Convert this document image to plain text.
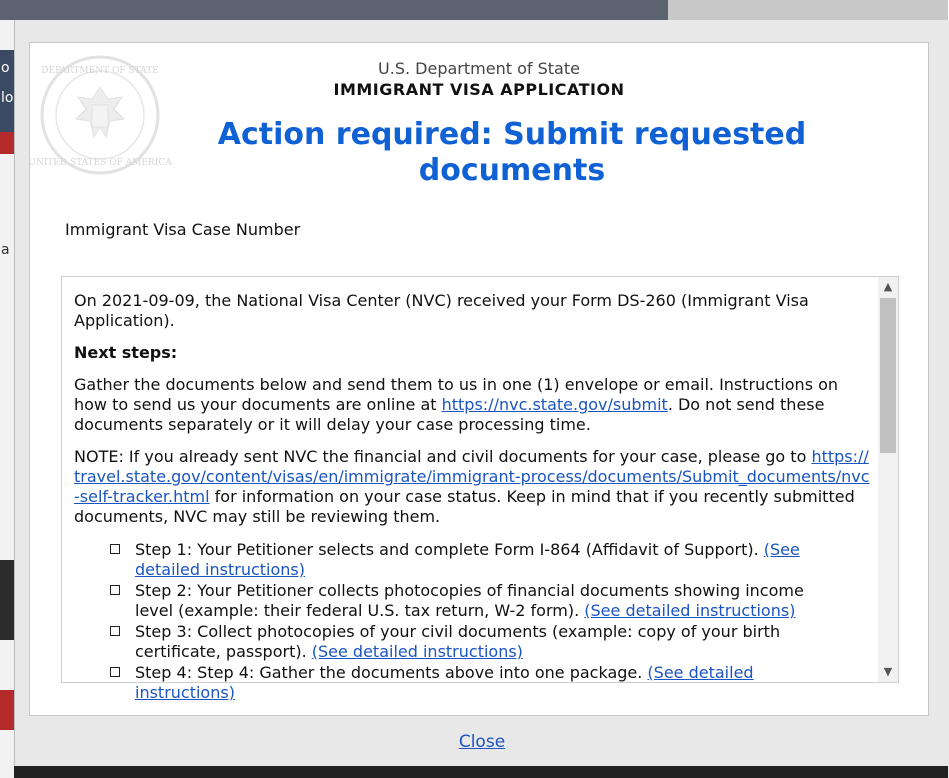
o
lo
a
DEPARTMENT OF STATE
UNITED STATES OF AMERICA
U.S. Department of State
IMMIGRANT VISA APPLICATION
Action required: Submit requested documents
Immigrant Visa Case Number

On 2021-09-09, the National Visa Center (NVC) received your Form DS-260 (Immigrant Visa Application).

Next steps:

Gather the documents below and send them to us in one (1) envelope or email. Instructions on how to send us your documents are online at https://nvc.state.gov/submit. Do not send these documents separately or it will delay your case processing time.

NOTE: If you already sent NVC the financial and civil documents for your case, please go to https://travel.state.gov/content/visas/en/immigrate/immigrant-process/documents/Submit_documents/nvc-self-tracker.html for information on your case status. Keep in mind that if you recently submitted documents, NVC may still be reviewing them.

Step 1: Your Petitioner selects and complete Form I-864 (Affidavit of Support). (See detailed instructions)
Step 2: Your Petitioner collects photocopies of financial documents showing income level (example: their federal U.S. tax return, W-2 form). (See detailed instructions)
Step 3: Collect photocopies of your civil documents (example: copy of your birth certificate, passport). (See detailed instructions)
Step 4: Step 4: Gather the documents above into one package. (See detailed instructions)
▲
▼
Close
